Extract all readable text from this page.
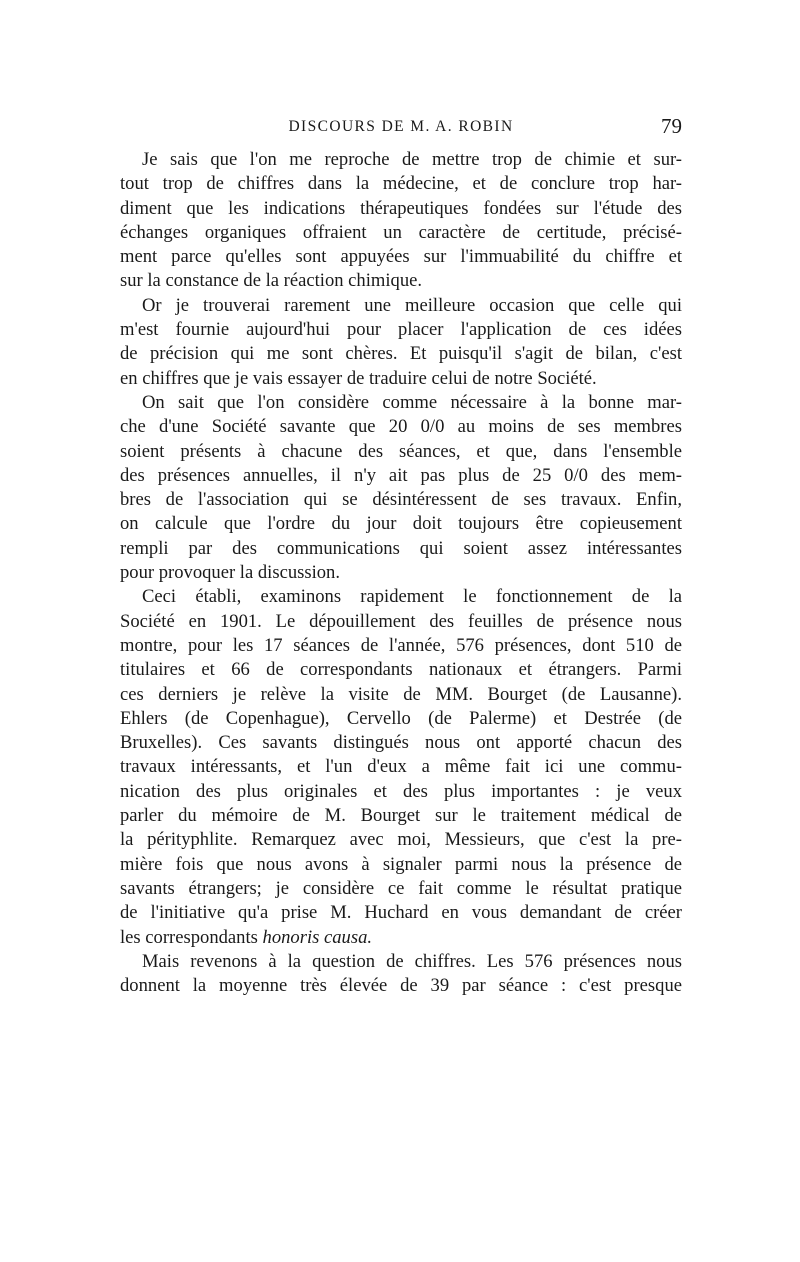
DISCOURS DE M. A. ROBIN	79
Je sais que l'on me reproche de mettre trop de chimie et sur-
tout trop de chiffres dans la médecine, et de conclure trop har-
diment que les indications thérapeutiques fondées sur l'étude des
échanges organiques offraient un caractère de certitude, précisé-
ment parce qu'elles sont appuyées sur l'immuabilité du chiffre et
sur la constance de la réaction chimique.
Or je trouverai rarement une meilleure occasion que celle qui
m'est fournie aujourd'hui pour placer l'application de ces idées
de précision qui me sont chères. Et puisqu'il s'agit de bilan, c'est
en chiffres que je vais essayer de traduire celui de notre Société.
On sait que l'on considère comme nécessaire à la bonne mar-
che d'une Société savante que 20 0/0 au moins de ses membres
soient présents à chacune des séances, et que, dans l'ensemble
des présences annuelles, il n'y ait pas plus de 25 0/0 des mem-
bres de l'association qui se désintéressent de ses travaux. Enfin,
on calcule que l'ordre du jour doit toujours être copieusement
rempli par des communications qui soient assez intéressantes
pour provoquer la discussion.
Ceci établi, examinons rapidement le fonctionnement de la
Société en 1901. Le dépouillement des feuilles de présence nous
montre, pour les 17 séances de l'année, 576 présences, dont 510 de
titulaires et 66 de correspondants nationaux et étrangers. Parmi
ces derniers je relève la visite de MM. Bourget (de Lausanne).
Ehlers (de Copenhague), Cervello (de Palerme) et Destrée (de
Bruxelles). Ces savants distingués nous ont apporté chacun des
travaux intéressants, et l'un d'eux a même fait ici une commu-
nication des plus originales et des plus importantes : je veux
parler du mémoire de M. Bourget sur le traitement médical de
la pérityphlite. Remarquez avec moi, Messieurs, que c'est la pre-
mière fois que nous avons à signaler parmi nous la présence de
savants étrangers; je considère ce fait comme le résultat pratique
de l'initiative qu'a prise M. Huchard en vous demandant de créer
les correspondants honoris causa.
Mais revenons à la question de chiffres. Les 576 présences nous
donnent la moyenne très élevée de 39 par séance : c'est presque
